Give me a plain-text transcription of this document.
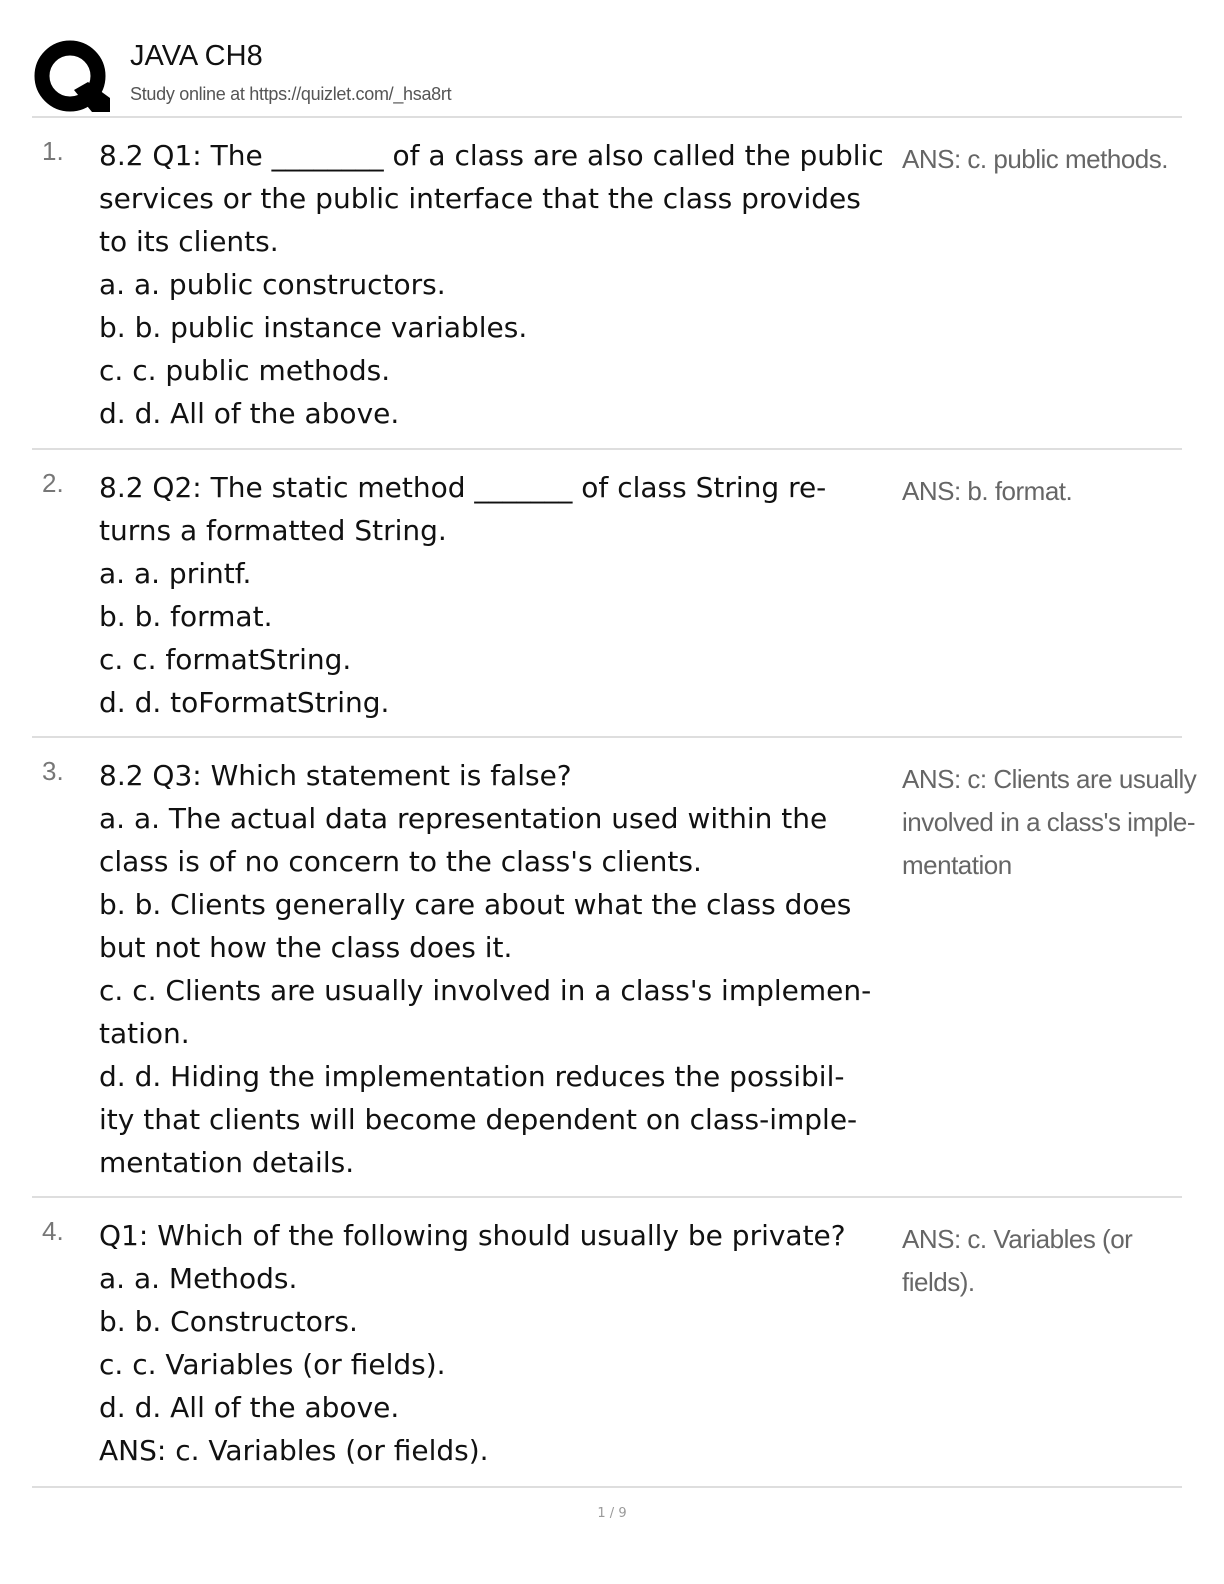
JAVA CH8
Study online at https://quizlet.com/_hsa8rt
1. 8.2 Q1: The ________ of a class are also called the public
services or the public interface that the class provides
to its clients.
a. a. public constructors.
b. b. public instance variables.
c. c. public methods.
d. d. All of the above.
ANS: c. public methods.
2. 8.2 Q2: The static method _______ of class String re-
turns a formatted String.
a. a. printf.
b. b. format.
c. c. formatString.
d. d. toFormatString.
ANS: b. format.
3. 8.2 Q3: Which statement is false?
a. a. The actual data representation used within the
class is of no concern to the class's clients.
b. b. Clients generally care about what the class does
but not how the class does it.
c. c. Clients are usually involved in a class's implemen-
tation.
d. d. Hiding the implementation reduces the possibil-
ity that clients will become dependent on class-imple-
mentation details.
ANS: c: Clients are usually
involved in a class's imple-
mentation
4. Q1: Which of the following should usually be private?
a. a. Methods.
b. b. Constructors.
c. c. Variables (or fields).
d. d. All of the above.
ANS: c. Variables (or fields).
ANS: c. Variables (or
fields).
1 / 9
